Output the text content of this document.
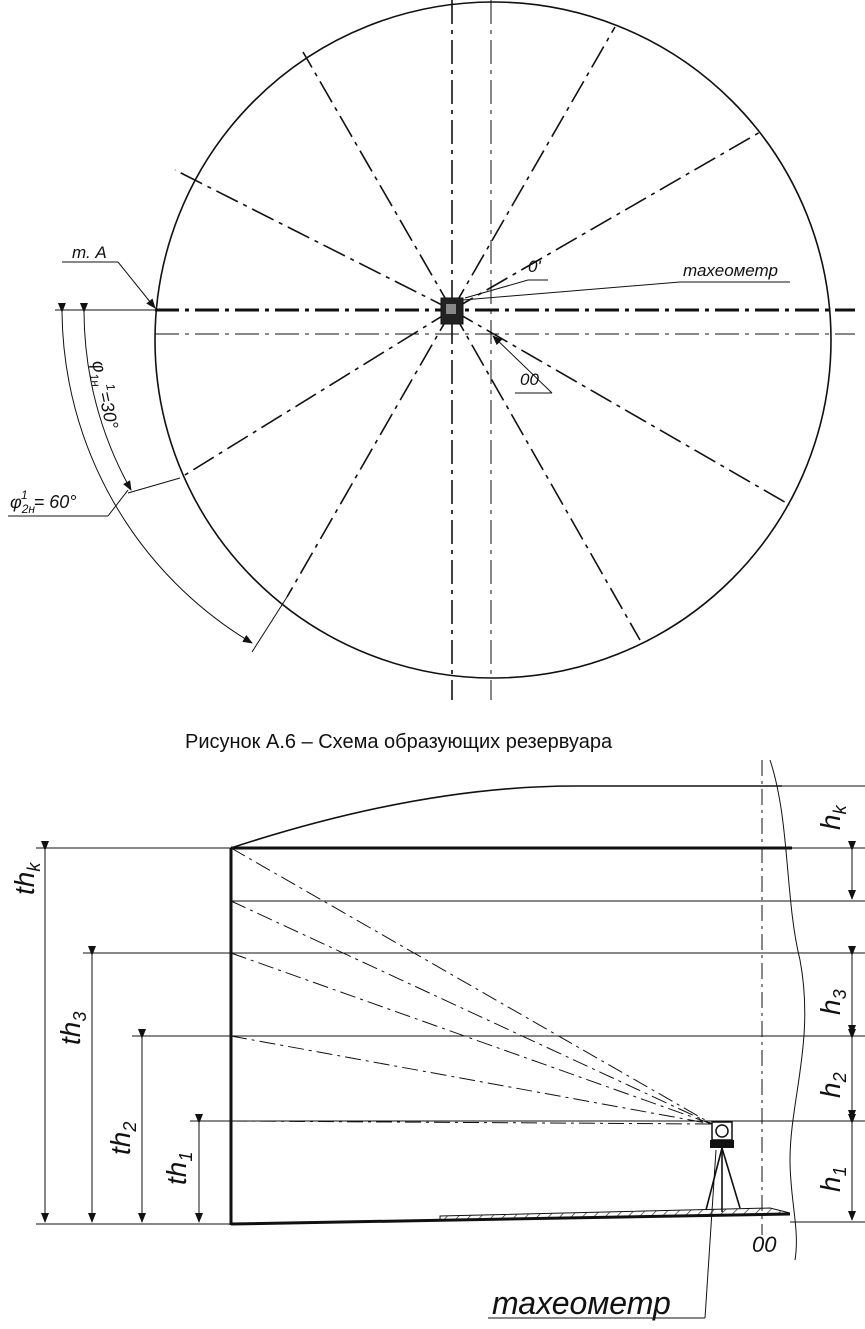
т. А
0'	тахеометр
00
$\varphi_{1н}^1=30^\circ$
$\varphi_{2н}1 = 60^\circ$
Рисунок А.6 – Схема образующих резервуара
$th_k$
$th_3$
$th_2$
$th_1$
$h_k$
$h_3$
$h_2$
$h_1$
00
тахеометр
